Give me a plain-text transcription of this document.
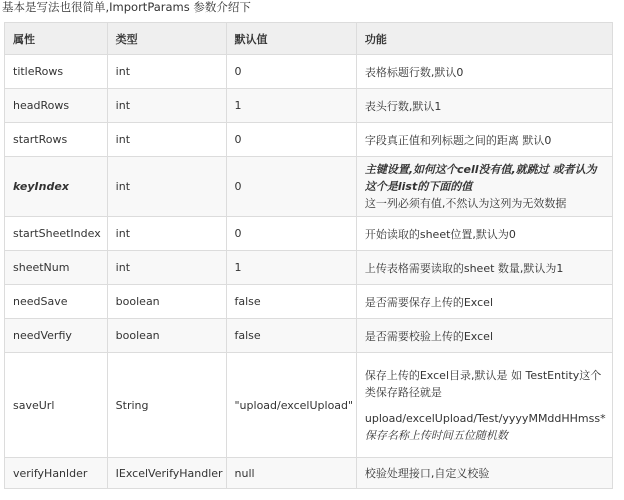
基本是写法也很简单,ImportParams 参数介绍下
属性	类型	默认值	功能
titleRows	int	0	表格标题行数,默认0
headRows	int	1	表头行数,默认1
startRows	int	0	字段真正值和列标题之间的距离 默认0
keyIndex	int	0	主键设置,如何这个cell没有值,就跳过 或者认为这个是list的下面的值
这一列必须有值,不然认为这列为无效数据

startSheetIndex	int	0	开始读取的sheet位置,默认为0
sheetNum	int	1	上传表格需要读取的sheet 数量,默认为1
needSave	boolean	false	是否需要保存上传的Excel
needVerfiy	boolean	false	是否需要校验上传的Excel
saveUrl	String	"upload/excelUpload"	保存上传的Excel目录,默认是 如 TestEntity这个类保存路径就是
upload/excelUpload/Test/yyyyMMddHHmss*
保存名称上传时间五位随机数

verifyHanlder	IExcelVerifyHandler	null	校验处理接口,自定义校验
